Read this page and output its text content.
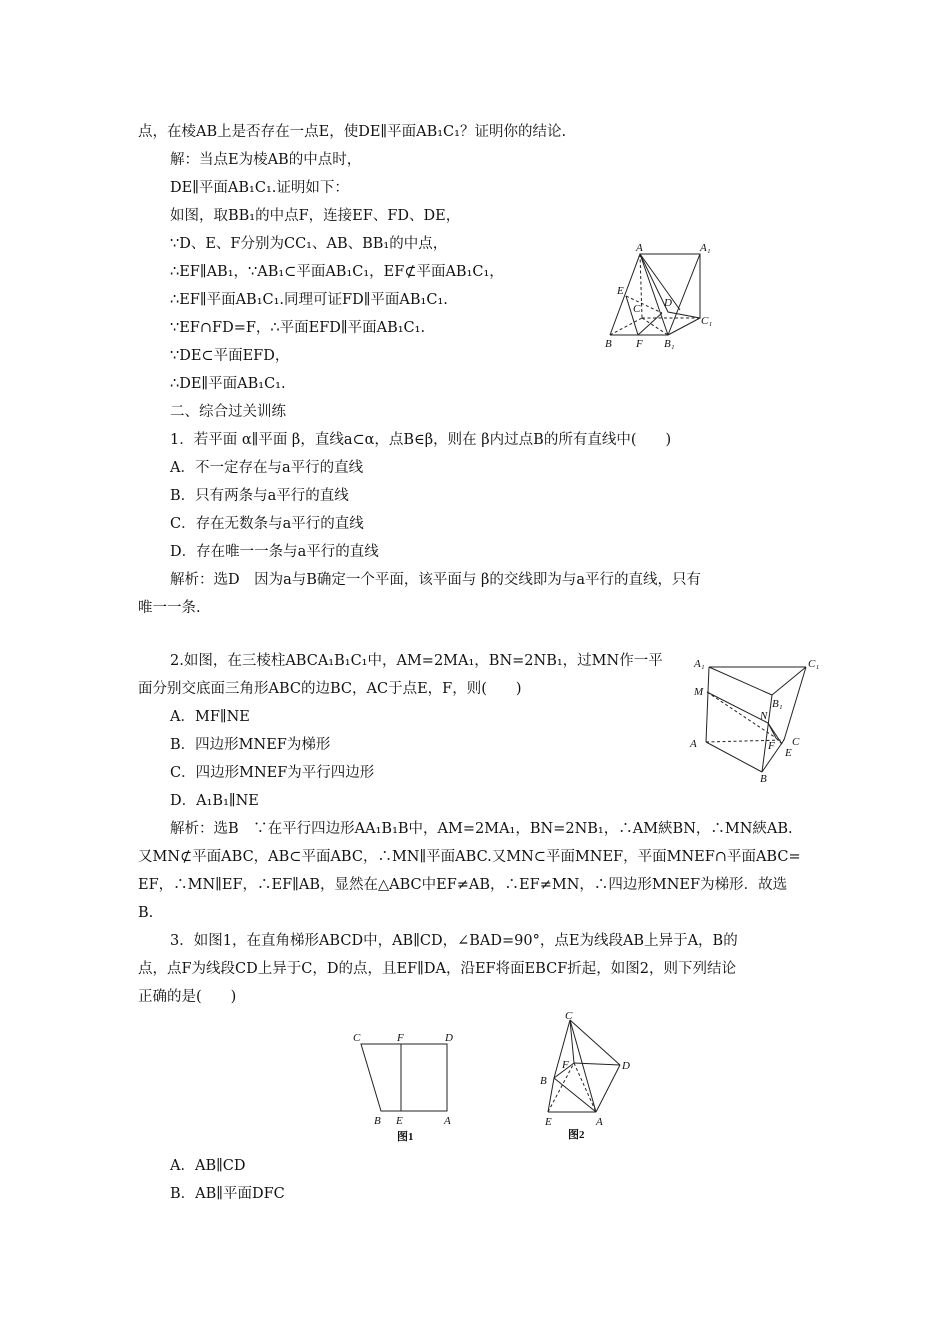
点，在棱AB上是否存在一点E，使DE∥平面AB₁C₁？证明你的结论.
解：当点E为棱AB的中点时，
DE∥平面AB₁C₁.证明如下：
如图，取BB₁的中点F，连接EF、FD、DE，
∵D、E、F分别为CC₁、AB、BB₁的中点，
∴EF∥AB₁，∵AB₁⊂平面AB₁C₁，EF⊄平面AB₁C₁，
∴EF∥平面AB₁C₁.同理可证FD∥平面AB₁C₁.
∵EF∩FD=F，∴平面EFD∥平面AB₁C₁.
∵DE⊂平面EFD，
∴DE∥平面AB₁C₁.
二、综合过关训练
1．若平面 α∥平面 β，直线a⊂α，点B∈β，则在 β内过点B的所有直线中(　　)
A．不一定存在与a平行的直线
B．只有两条与a平行的直线
C．存在无数条与a平行的直线
D．存在唯一一条与a平行的直线
解析：选D　因为a与B确定一个平面，该平面与 β的交线即为与a平行的直线，只有
唯一一条.
2.如图，在三棱柱ABCA₁B₁C₁中，AM=2MA₁，BN=2NB₁，过MN作一平
面分别交底面三角形ABC的边BC，AC于点E，F，则(　　)
A．MF∥NE
B．四边形MNEF为梯形
C．四边形MNEF为平行四边形
D．A₁B₁∥NE
解析：选B　∵在平行四边形AA₁B₁B中，AM=2MA₁，BN=2NB₁，∴AM綊BN，∴MN綊AB.
又MN⊄平面ABC，AB⊂平面ABC，∴MN∥平面ABC.又MN⊂平面MNEF，平面MNEF∩平面ABC=
EF，∴MN∥EF，∴EF∥AB，显然在△ABC中EF≠AB，∴EF≠MN，∴四边形MNEF为梯形．故选
B.
3．如图1，在直角梯形ABCD中，AB∥CD，∠BAD=90°，点E为线段AB上异于A，B的
点，点F为线段CD上异于C，D的点，且EF∥DA，沿EF将面EBCF折起，如图2，则下列结论
正确的是(　　)
A．AB∥CD
B．AB∥平面DFC
A	A₁
E
C D
C₁
B F B₁
A₁	C₁
M
N
B₁
A	F
E
C
B
C	F	D
B E	A
图1
C
F	D
B
E	A
图2
